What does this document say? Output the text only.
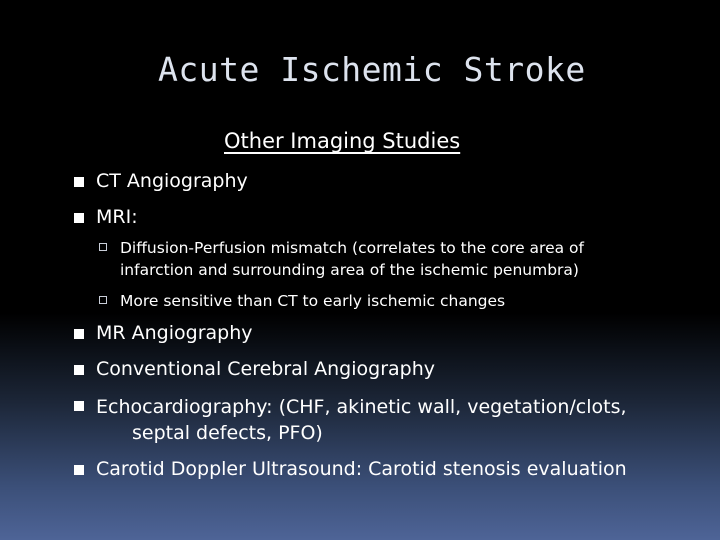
Acute Ischemic Stroke
Other Imaging Studies
CT Angiography
MRI:
Diffusion-Perfusion mismatch (correlates to the core area of
infarction and surrounding area of the ischemic penumbra)
More sensitive than CT to early ischemic changes
MR Angiography
Conventional Cerebral Angiography
Echocardiography: (CHF, akinetic wall, vegetation/clots,
septal defects, PFO)
Carotid Doppler Ultrasound: Carotid stenosis evaluation
